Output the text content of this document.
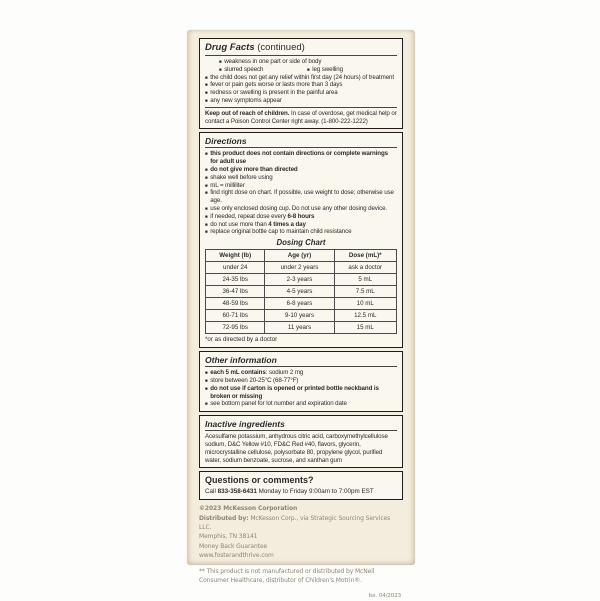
Drug Facts (continued)
■ weakness in one part or side of body
■ slurred speech	■ leg swelling
■ the child does not get any relief within first day (24 hours) of treatment
■ fever or pain gets worse or lasts more than 3 days
■ redness or swelling is present in the painful area
■ any new symptoms appear
Keep out of reach of children. In case of overdose, get medical help or contact a Poison Control Center right away. (1-800-222-1222)
Directions
■ this product does not contain directions or complete warnings for adult use
■ do not give more than directed
■ shake well before using
■ mL = milliliter
■ find right dose on chart. If possible, use weight to dose; otherwise use age.
■ use only enclosed dosing cup. Do not use any other dosing device.
■ if needed, repeat dose every 6-8 hours
■ do not use more than 4 times a day
■ replace original bottle cap to maintain child resistance
Dosing Chart
Weight (lb)	Age (yr)	Dose (mL)*
under 24	under 2 years	ask a doctor
24-35 lbs	2-3 years	5 mL
36-47 lbs	4-5 years	7.5 mL
48-59 lbs	6-8 years	10 mL
60-71 lbs	9-10 years	12.5 mL
72-95 lbs	11 years	15 mL
*or as directed by a doctor
Other information
■ each 5 mL contains: sodium 2 mg
■ store between 20-25°C (68-77°F)
■ do not use if carton is opened or printed bottle neckband is broken or missing
■ see bottom panel for lot number and expiration date
Inactive ingredients
Acesulfame potassium, anhydrous citric acid, carboxymethylcellulose sodium, D&C Yellow #10, FD&C Red #40, flavors, glycerin, microcrystalline cellulose, polysorbate 80, propylene glycol, purified water, sodium benzoate, sucrose, and xanthan gum
Questions or comments?
Call 833-358-6431 Monday to Friday 9:00am to 7:00pm EST
©2023 McKesson Corporation
Distributed by: McKesson Corp., via Strategic Sourcing Services LLC.
Memphis, TN 38141
Money Back Guarantee
www.fosterandthrive.com
** This product is not manufactured or distributed by McNeil Consumer Healthcare, distributor of Children's Motrin®.
Iss. 04/2023
